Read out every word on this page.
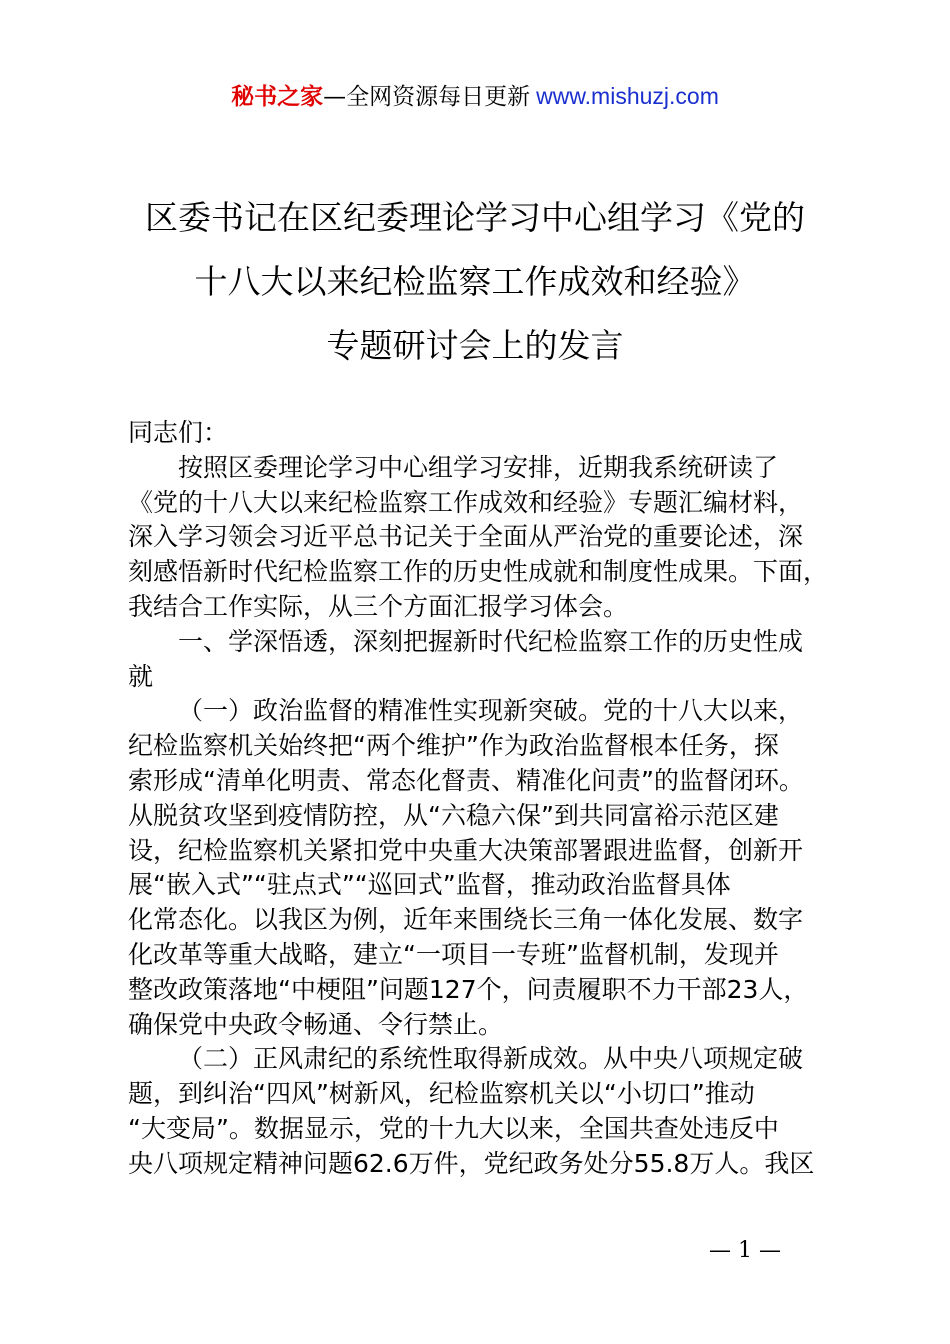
秘书之家—全网资源每日更新 www.mishuzj.com
区委书记在区纪委理论学习中心组学习《党的
十八大以来纪检监察工作成效和经验》
专题研讨会上的发言
同志们：
按照区委理论学习中心组学习安排，近期我系统研读了
《党的十八大以来纪检监察工作成效和经验》专题汇编材料，
深入学习领会习近平总书记关于全面从严治党的重要论述，深
刻感悟新时代纪检监察工作的历史性成就和制度性成果。下面，
我结合工作实际，从三个方面汇报学习体会。
一、学深悟透，深刻把握新时代纪检监察工作的历史性成
就
（一）政治监督的精准性实现新突破。党的十八大以来，
纪检监察机关始终把“两个维护”作为政治监督根本任务，探
索形成“清单化明责、常态化督责、精准化问责”的监督闭环。
从脱贫攻坚到疫情防控，从“六稳六保”到共同富裕示范区建
设，纪检监察机关紧扣党中央重大决策部署跟进监督，创新开
展“嵌入式”“驻点式”“巡回式”监督，推动政治监督具体
化常态化。以我区为例，近年来围绕长三角一体化发展、数字
化改革等重大战略，建立“一项目一专班”监督机制，发现并
整改政策落地“中梗阻”问题127个，问责履职不力干部23人，
确保党中央政令畅通、令行禁止。
（二）正风肃纪的系统性取得新成效。从中央八项规定破
题，到纠治“四风”树新风，纪检监察机关以“小切口”推动
“大变局”。数据显示，党的十九大以来，全国共查处违反中
央八项规定精神问题62.6万件，党纪政务处分55.8万人。我区
— 1 —
